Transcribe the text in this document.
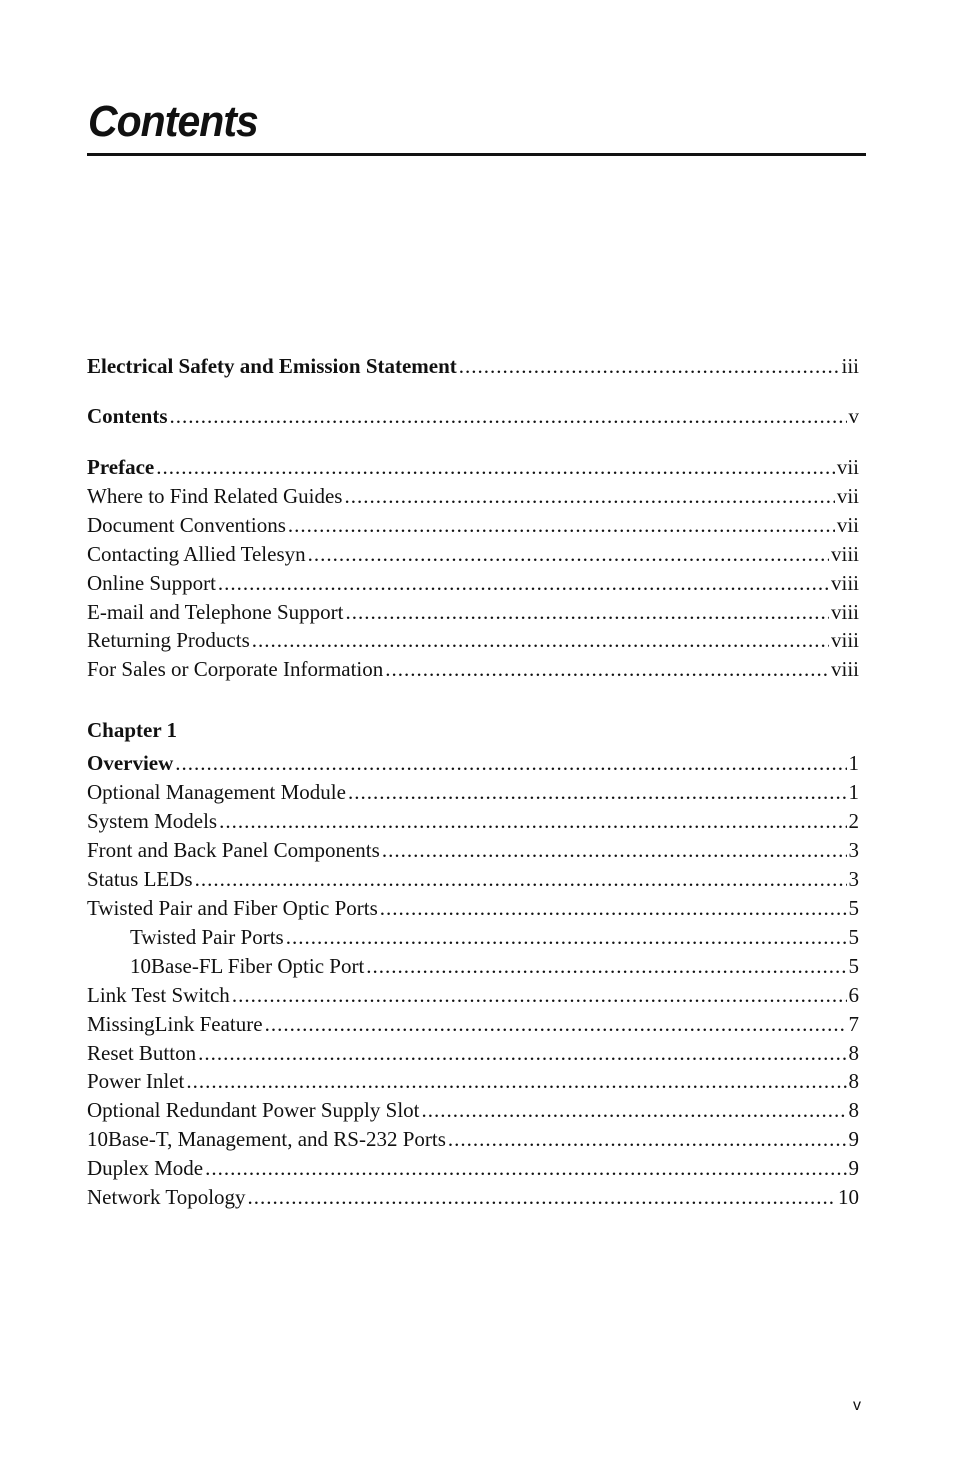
Contents
Electrical Safety and Emission Statement .....	iii
Contents .....	v
Preface .....	vii
Where to Find Related Guides .....	vii
Document Conventions .....	vii
Contacting Allied Telesyn .....	viii
Online Support .....	viii
E-mail and Telephone Support .....	viii
Returning Products .....	viii
For Sales or Corporate Information .....	viii
Overview .....	1
Optional Management Module .....	1
System Models .....	2
Front and Back Panel Components .....	3
Status LEDs .....	3
Twisted Pair and Fiber Optic Ports .....	5
Twisted Pair Ports .....	5
10Base-FL Fiber Optic Port .....	5
Link Test Switch .....	6
MissingLink Feature .....	7
Reset Button .....	8
Power Inlet .....	8
Optional Redundant Power Supply Slot .....	8
10Base-T, Management, and RS-232 Ports .....	9
Duplex Mode .....	9
Network Topology .....	10
Chapter 1
v
